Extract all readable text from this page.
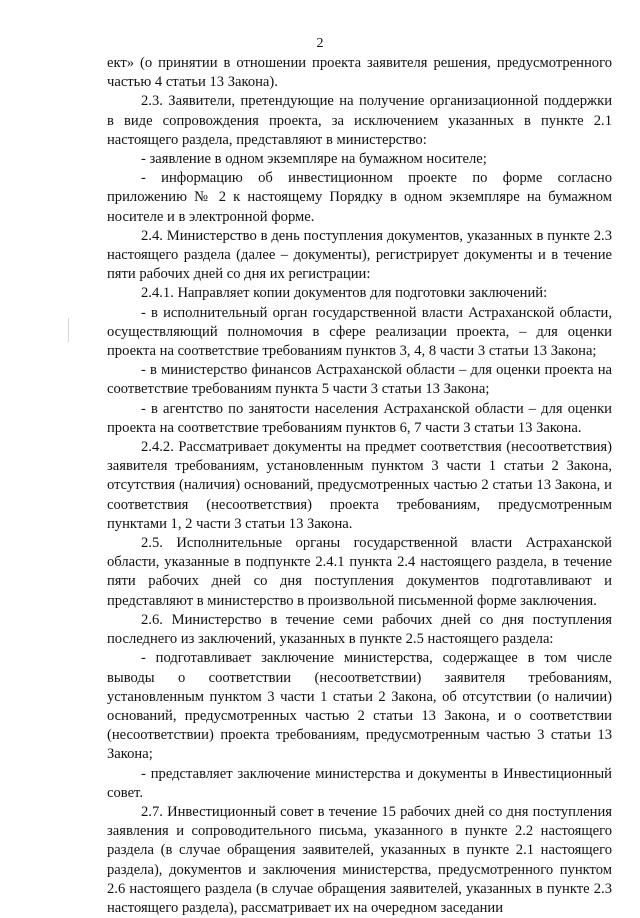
2

ект» (о принятии в отношении проекта заявителя решения, предусмотренного частью 4 статьи 13 Закона).

2.3. Заявители, претендующие на получение организационной поддержки в виде сопровождения проекта, за исключением указанных в пункте 2.1 настоящего раздела, представляют в министерство:

- заявление в одном экземпляре на бумажном носителе;

- информацию об инвестиционном проекте по форме согласно приложению № 2 к настоящему Порядку в одном экземпляре на бумажном носителе и в электронной форме.

2.4. Министерство в день поступления документов, указанных в пункте 2.3 настоящего раздела (далее – документы), регистрирует документы и в течение пяти рабочих дней со дня их регистрации:

2.4.1. Направляет копии документов для подготовки заключений:

- в исполнительный орган государственной власти Астраханской области, осуществляющий полномочия в сфере реализации проекта, – для оценки проекта на соответствие требованиям пунктов 3, 4, 8 части 3 статьи 13 Закона;

- в министерство финансов Астраханской области – для оценки проекта на соответствие требованиям пункта 5 части 3 статьи 13 Закона;

- в агентство по занятости населения Астраханской области – для оценки проекта на соответствие требованиям пунктов 6, 7 части 3 статьи 13 Закона.

2.4.2. Рассматривает документы на предмет соответствия (несоответствия) заявителя требованиям, установленным пунктом 3 части 1 статьи 2 Закона, отсутствия (наличия) оснований, предусмотренных частью 2 статьи 13 Закона, и соответствия (несоответствия) проекта требованиям, предусмотренным пунктами 1, 2 части 3 статьи 13 Закона.

2.5. Исполнительные органы государственной власти Астраханской области, указанные в подпункте 2.4.1 пункта 2.4 настоящего раздела, в течение пяти рабочих дней со дня поступления документов подготавливают и представляют в министерство в произвольной письменной форме заключения.

2.6. Министерство в течение семи рабочих дней со дня поступления последнего из заключений, указанных в пункте 2.5 настоящего раздела:

- подготавливает заключение министерства, содержащее в том числе выводы о соответствии (несоответствии) заявителя требованиям, установленным пунктом 3 части 1 статьи 2 Закона, об отсутствии (о наличии) оснований, предусмотренных частью 2 статьи 13 Закона, и о соответствии (несоответствии) проекта требованиям, предусмотренным частью 3 статьи 13 Закона;

- представляет заключение министерства и документы в Инвестиционный совет.

2.7. Инвестиционный совет в течение 15 рабочих дней со дня поступления заявления и сопроводительного письма, указанного в пункте 2.2 настоящего раздела (в случае обращения заявителей, указанных в пункте 2.1 настоящего раздела), документов и заключения министерства, предусмотренного пунктом 2.6 настоящего раздела (в случае обращения заявителей, указанных в пункте 2.3 настоящего раздела), рассматривает их на очередном заседании
